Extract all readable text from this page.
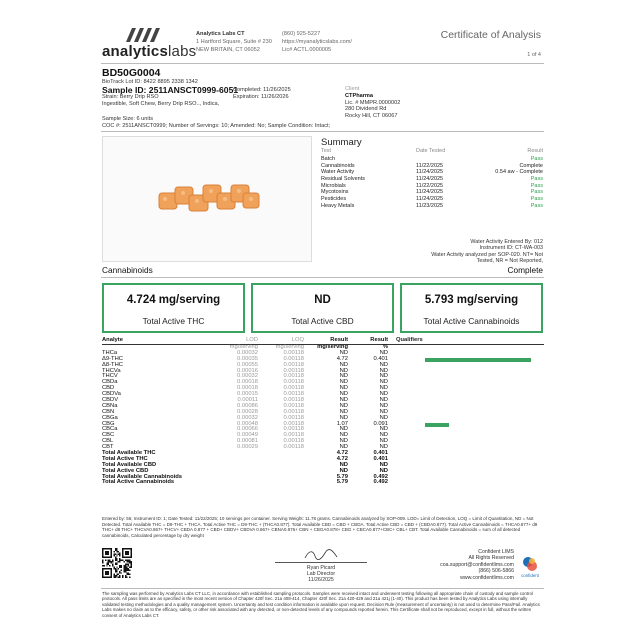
analyticslabs
Analytics Labs CT
1 Hartford Square, Suite # 230
NEW BRITAIN, CT 06052
(860) 925-5227
https://myanalyticslabs.com/
Lic# ACTL.0000005
Certificate of Analysis
1 of 4
BD50G0004
BioTrack Lot ID: 8422 8895 2338 1342
Sample ID: 2511ANSCT0999-6051
Strain: Berry Drip RSO
Ingestible, Soft Chew, Berry Drip RSO.., Indica,
Completed: 11/26/2025
Expiration: 11/26/2026
Sample Size: 6 units
COC #: 2511ANSCT0999; Number of Servings: 10; Amended: No; Sample Condition: Intact;
Client
CTPharma
Lic. # MMPR.0000002
280 Dividend Rd
Rocky Hill, CT 06067
Summary
Test	Date Tested	Result
Batch	Pass
Cannabinoids	11/22/2025	Complete
Water Activity	11/24/2025	0.54 aw - Complete
Residual Solvents	11/24/2025	Pass
Microbials	11/22/2025	Pass
Mycotoxins	11/24/2025	Pass
Pesticides	11/24/2025	Pass
Heavy Metals	11/23/2025	Pass
Water Activity Entered By: 012
Instrument ID: CT-WA-003
Water Activity analyzed per SOP-020. NT= Not
Tested, NR = Not Reported,
Cannabinoids	Complete
4.724 mg/serving
Total Active THC
ND
Total Active CBD
5.793 mg/serving
Total Active Cannabinoids
Analyte	LOD	LOQ	Result	Result	Qualifiers
mg/serving	mg/serving	mg/serving	%
THCa	0.00032	0.00118	ND	ND
Δ9-THC	0.00035	0.00118	4.72	0.401
Δ8-THC	0.00055	0.00118	ND	ND
THCVa	0.00016	0.00118	ND	ND
THCV	0.00032	0.00118	ND	ND
CBDa	0.00018	0.00118	ND	ND
CBD	0.00018	0.00118	ND	ND
CBDVa	0.00015	0.00118	ND	ND
CBDV	0.00011	0.00118	ND	ND
CBNa	0.00086	0.00118	ND	ND
CBN	0.00028	0.00118	ND	ND
CBGa	0.00032	0.00118	ND	ND
CBG	0.00048	0.00118	1.07	0.091
CBCa	0.00066	0.00118	ND	ND
CBC	0.00049	0.00118	ND	ND
CBL	0.00081	0.00118	ND	ND
CBT	0.00029	0.00118	ND	ND
Total Available THC	4.72	0.401
Total Active THC	4.72	0.401
Total Available CBD	ND	ND
Total Active CBD	ND	ND
Total Available Cannabinoids	5.79	0.492
Total Active Cannabinoids	5.79	0.492
Entered by: 56; Instrument ID: 1; Date Tested: 11/22/2025; 10 servings per container. Serving Weight: 11.78 grams. Cannabinoids analyzed by SOP-009. LOD= Limit of Detection, LOQ = Limit of Quantitation, ND = Not Detected. Total Available THC = D9-THC + THCA. Total Active THC = D9-THC + (THCA0.877). Total Available CBD = CBD + CBDA. Total Active CBD = CBD + (CBDA0.877). Total Active Cannabinoids = THCA0.877+ d9 THC+ d8 THC+ THCVA0.867+ THCV+ CBDA 0.877 + CBD+ CBDV+ CBDVA 0.867+ CBNA0.876+ CBN + CBGA0.878+ CBG + CBCA0.877+CBC+ CBL+ CBT. Total Available Cannabinoids = sum of all detected cannabinoids, Calculated percentage by dry weight
Ryan Picard
Lab Director
11/26/2025
Confident LIMS
All Rights Reserved
coa.support@confidentlims.com
(866) 506-5866
www.confidentlims.com	confident
The sampling was performed by Analytics Labs CT LLC, in accordance with established sampling protocols. Samples were received intact and underwent testing following all appropriate chain of custody and sample control protocols. All pass limits are as specified in the most recent version of Chapter 420f Sec. 21a 408-414, Chapter 420f Sec. 21a 420-429 and 21a 421j (1-40). This product has been tested by Analytics Labs using internally validated testing methodologies and a quality management system. Uncertainty and test condition information is available upon request. Decision Rule (measurement of uncertainty) is not used to determine Pass/Fail. Analytics Labs makes no claim as to the efficacy, safety, or other risk associated with any detected, or non-detected levels of any compounds reported herein. This Certificate shall not be reproduced, except in full, without the written consent of Analytics Labs CT.
